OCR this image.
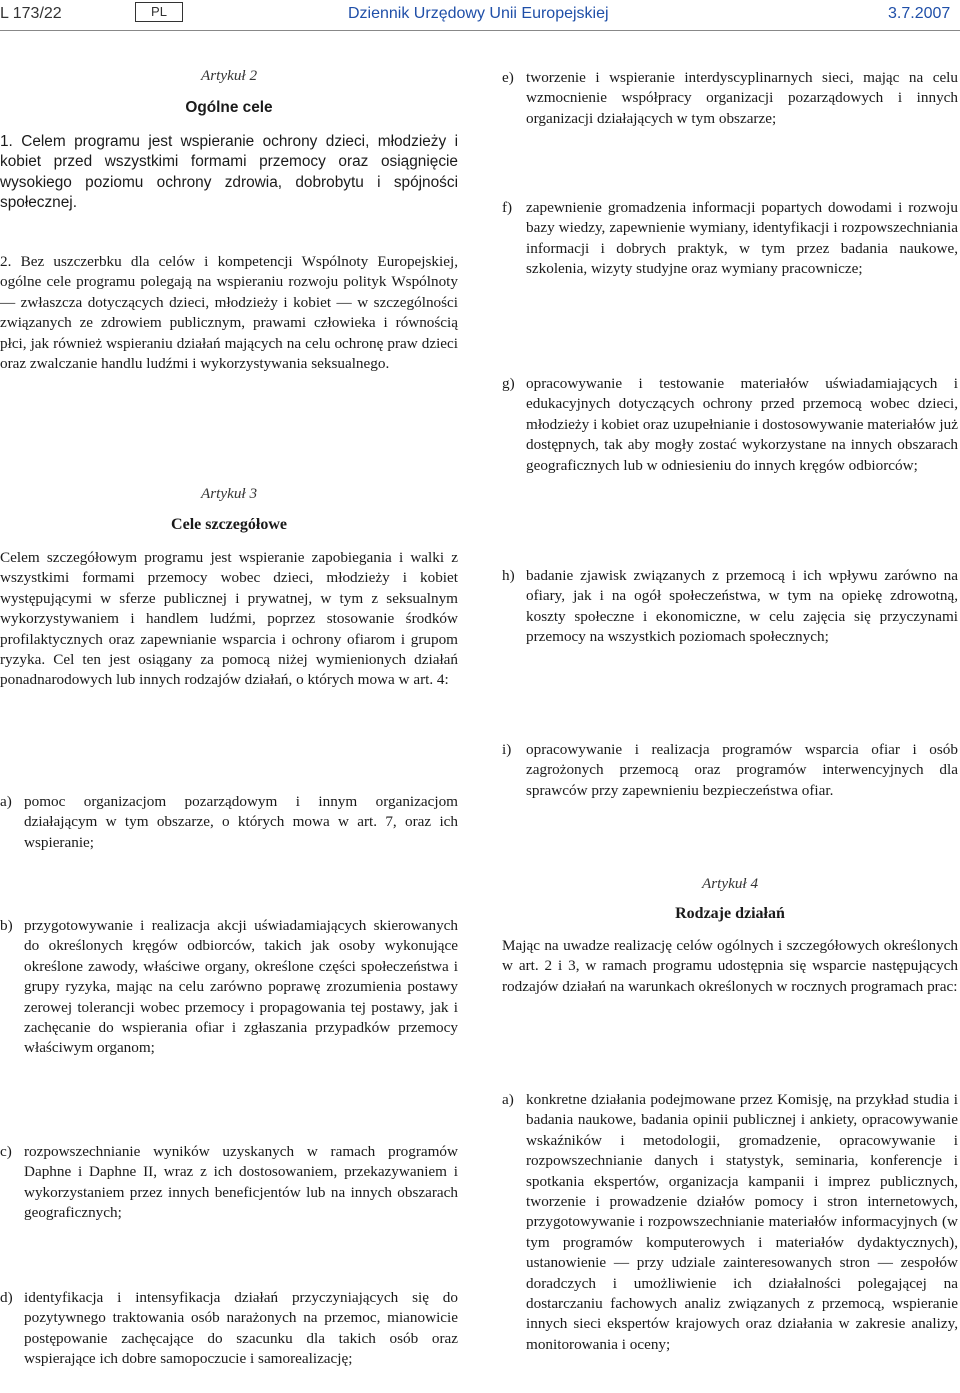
L 173/22	PL	Dziennik Urzędowy Unii Europejskiej	3.7.2007
Artykuł 2
Ogólne cele

1. Celem programu jest wspieranie ochrony dzieci, młodzieży i kobiet przed wszystkimi formami przemocy oraz osiągnięcie wysokiego poziomu ochrony zdrowia, dobrobytu i spójności społecznej.

2. Bez uszczerbku dla celów i kompetencji Wspólnoty Europejskiej, ogólne cele programu polegają na wspieraniu rozwoju polityk Wspólnoty — zwłaszcza dotyczących dzieci, młodzieży i kobiet — w szczególności związanych ze zdrowiem publicznym, prawami człowieka i równością płci, jak również wspieraniu działań mających na celu ochronę praw dzieci oraz zwalczanie handlu ludźmi i wykorzystywania seksualnego.

Artykuł 3
Cele szczegółowe

Celem szczegółowym programu jest wspieranie zapobiegania i walki z wszystkimi formami przemocy wobec dzieci, młodzieży i kobiet występującymi w sferze publicznej i prywatnej, w tym z seksualnym wykorzystywaniem i handlem ludźmi, poprzez stosowanie środków profilaktycznych oraz zapewnianie wsparcia i ochrony ofiarom i grupom ryzyka. Cel ten jest osiągany za pomocą niżej wymienionych działań ponadnarodowych lub innych rodzajów działań, o których mowa w art. 4:

a) pomoc organizacjom pozarządowym i innym organizacjom działającym w tym obszarze, o których mowa w art. 7, oraz ich wspieranie;
b) przygotowywanie i realizacja akcji uświadamiających skierowanych do określonych kręgów odbiorców, takich jak osoby wykonujące określone zawody, właściwe organy, określone części społeczeństwa i grupy ryzyka, mając na celu zarówno poprawę zrozumienia postawy zerowej tolerancji wobec przemocy i propagowania tej postawy, jak i zachęcanie do wspierania ofiar i zgłaszania przypadków przemocy właściwym organom;
c) rozpowszechnianie wyników uzyskanych w ramach programów Daphne i Daphne II, wraz z ich dostosowaniem, przekazywaniem i wykorzystaniem przez innych beneficjentów lub na innych obszarach geograficznych;
d) identyfikacja i intensyfikacja działań przyczyniających się do pozytywnego traktowania osób narażonych na przemoc, mianowicie postępowanie zachęcające do szacunku dla takich osób oraz wspierające ich dobre samopoczucie i samorealizację;
e) tworzenie i wspieranie interdyscyplinarnych sieci, mając na celu wzmocnienie współpracy organizacji pozarządowych i innych organizacji działających w tym obszarze;
f) zapewnienie gromadzenia informacji popartych dowodami i rozwoju bazy wiedzy, zapewnienie wymiany, identyfikacji i rozpowszechniania informacji i dobrych praktyk, w tym przez badania naukowe, szkolenia, wizyty studyjne oraz wymiany pracownicze;
g) opracowywanie i testowanie materiałów uświadamiających i edukacyjnych dotyczących ochrony przed przemocą wobec dzieci, młodzieży i kobiet oraz uzupełnianie i dostosowywanie materiałów już dostępnych, tak aby mogły zostać wykorzystane na innych obszarach geograficznych lub w odniesieniu do innych kręgów odbiorców;
h) badanie zjawisk związanych z przemocą i ich wpływu zarówno na ofiary, jak i na ogół społeczeństwa, w tym na opiekę zdrowotną, koszty społeczne i ekonomiczne, w celu zajęcia się przyczynami przemocy na wszystkich poziomach społecznych;
i) opracowywanie i realizacja programów wsparcia ofiar i osób zagrożonych przemocą oraz programów interwencyjnych dla sprawców przy zapewnieniu bezpieczeństwa ofiar.
Artykuł 4
Rodzaje działań

Mając na uwadze realizację celów ogólnych i szczegółowych określonych w art. 2 i 3, w ramach programu udostępnia się wsparcie następujących rodzajów działań na warunkach określonych w rocznych programach prac:

a) konkretne działania podejmowane przez Komisję, na przykład studia i badania naukowe, badania opinii publicznej i ankiety, opracowywanie wskaźników i metodologii, gromadzenie, opracowywanie i rozpowszechnianie danych i statystyk, seminaria, konferencje i spotkania ekspertów, organizacja kampanii i imprez publicznych, tworzenie i prowadzenie działów pomocy i stron internetowych, przygotowywanie i rozpowszechnianie materiałów informacyjnych (w tym programów komputerowych i materiałów dydaktycznych), ustanowienie — przy udziale zainteresowanych stron — zespołów doradczych i umożliwienie ich działalności polegającej na dostarczaniu fachowych analiz związanych z przemocą, wspieranie innych sieci ekspertów krajowych oraz działania w zakresie analizy, monitorowania i oceny;
